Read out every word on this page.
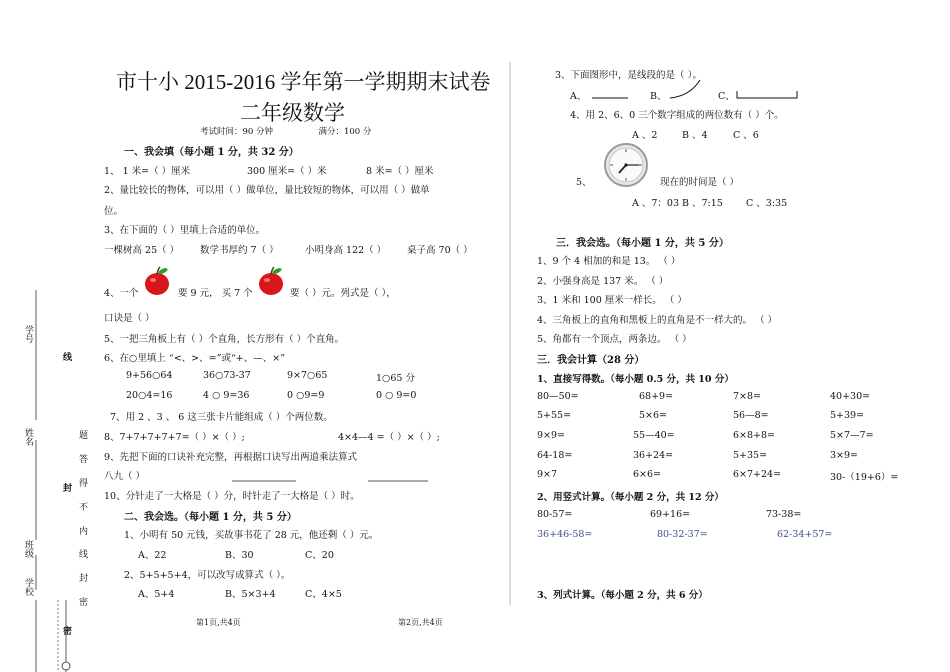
学号
姓名
班级
学校
线
封
密
题
答
得
不
内
线
封
密
市十小 2015-2016 学年第一学期期末试卷
二年级数学
考试时间：90 分钟	满分：100 分
一、我会填（每小题 1 分，共 32 分）
1、 1 米=（ ）厘米	300 厘米=（ ）米	8 米=（ ）厘米
2、量比较长的物体，可以用（ ）做单位，量比较短的物体，可以用（ ）做单
位。
3、在下面的（ ）里填上合适的单位。
一棵树高 25（ ） 数学书厚约 7（ ）	小明身高 122（ ） 桌子高 70（ ）
4、一个	要 9 元， 买 7 个	要（ ）元。列式是（ ），
口诀是（ ）
5、一把三角板上有（ ）个直角，长方形有（ ）个直角。
6、在○里填上 “<、>、=”或“+、—、×”
9+56○64	36○73-37	9×7○65	1○65 分
20○4=16	4 ○ 9=36	0 ○9=9	0 ○ 9=0
7、用 2 、3 、 6 这三张卡片能组成（ ）个两位数。
8、7+7+7+7+7=（ ）×（ ）;	4×4—4 =（ ）×（ ）;
9、先把下面的口诀补充完整，再根据口诀写出两道乘法算式
八九（ ）
10、分针走了一大格是（ ）分，时针走了一大格是（ ）时。
二、我会选。（每小题 1 分，共 5 分）
1、小明有 50 元钱，买故事书花了 28 元，他还剩（ ）元。
A、22	B、30	C、20
2、5+5+5+4，可以改写成算式（ ）。
A、5+4	B、5×3+4	C、4×5
第1页,共4页
3、下面图形中，是线段的是（ ）。
A、	B、	C、
4、用 2、6、0 三个数字组成的两位数有（ ）个。
A 、2	B 、4	C 、6
5、	现在的时间是（ ）
A 、7：03 B 、7:15 C 、3:35
三．我会选。（每小题 1 分，共 5 分）
1、9 个 4 相加的和是 13。 （ ）
2、小强身高是 137 米。 （ ）
3、1 米和 100 厘米一样长。 （ ）
4、三角板上的直角和黑板上的直角是不一样大的。 （ ）
5、角都有一个顶点，两条边。 （ ）
三．我会计算（28 分）
1、直接写得数。（每小题 0.5 分，共 10 分）
80—50=	68+9=	7×8=	40+30=
5+55=	5×6=	56—8=	5+39=
9×9=	55—40=	6×8+8=	5×7—7=
64-18=	36+24=	5+35=	3×9=
9×7	6×6=	6×7+24=	30-（19+6）=
2、用竖式计算。（每小题 2 分，共 12 分）
80-57=	69+16=	73-38=
36+46-58=	80-32-37=	62-34+57=
3、列式计算。（每小题 2 分，共 6 分）
第2页,共4页
